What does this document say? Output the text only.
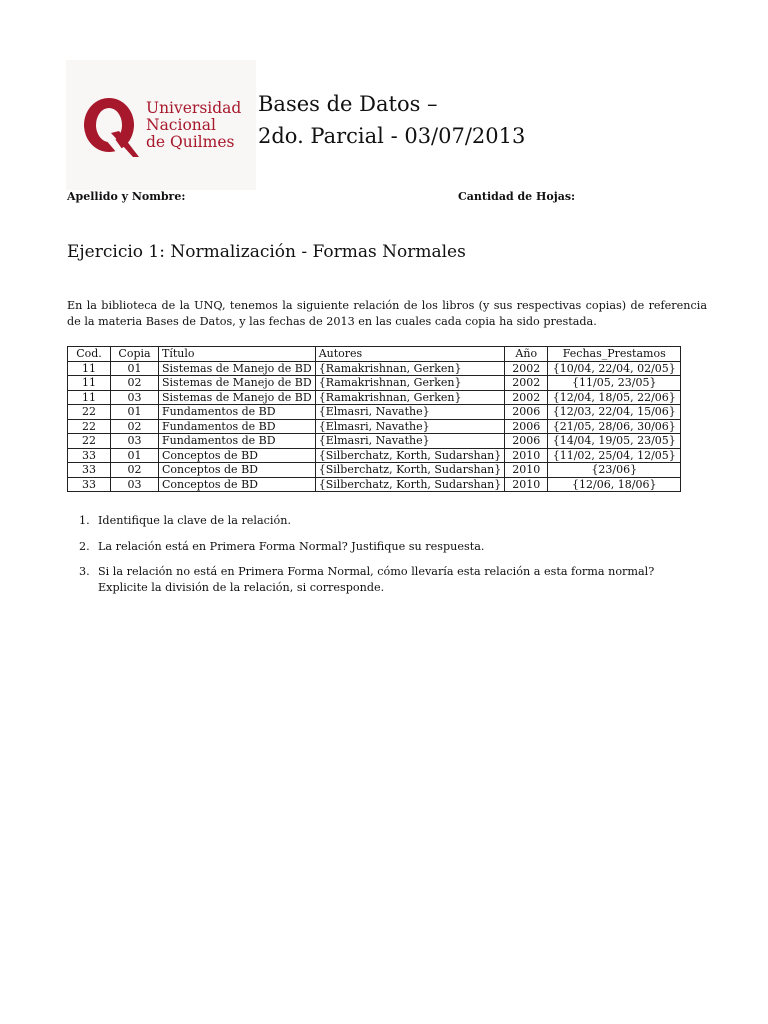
Universidad
Nacional
de Quilmes
Bases de Datos –
2do. Parcial - 03/07/2013
Apellido y Nombre:	Cantidad de Hojas:
Ejercicio 1: Normalización - Formas Normales

En la biblioteca de la UNQ, tenemos la siguiente relación de los libros (y sus respectivas copias) de referencia de la materia Bases de Datos, y las fechas de 2013 en las cuales cada copia ha sido prestada.

Cod.	Copia	Título	Autores	Año	Fechas_Prestamos
11	01	Sistemas de Manejo de BD	{Ramakrishnan, Gerken}	2002	{10/04, 22/04, 02/05}
11	02	Sistemas de Manejo de BD	{Ramakrishnan, Gerken}	2002	{11/05, 23/05}
11	03	Sistemas de Manejo de BD	{Ramakrishnan, Gerken}	2002	{12/04, 18/05, 22/06}
22	01	Fundamentos de BD	{Elmasri, Navathe}	2006	{12/03, 22/04, 15/06}
22	02	Fundamentos de BD	{Elmasri, Navathe}	2006	{21/05, 28/06, 30/06}
22	03	Fundamentos de BD	{Elmasri, Navathe}	2006	{14/04, 19/05, 23/05}
33	01	Conceptos de BD	{Silberchatz, Korth, Sudarshan}	2010	{11/02, 25/04, 12/05}
33	02	Conceptos de BD	{Silberchatz, Korth, Sudarshan}	2010	{23/06}
33	03	Conceptos de BD	{Silberchatz, Korth, Sudarshan}	2010	{12/06, 18/06}
1. Identifique la clave de la relación.
2. La relación está en Primera Forma Normal? Justifique su respuesta.
3. Si la relación no está en Primera Forma Normal, cómo llevaría esta relación a esta forma normal? Explicite la división de la relación, si corresponde.
